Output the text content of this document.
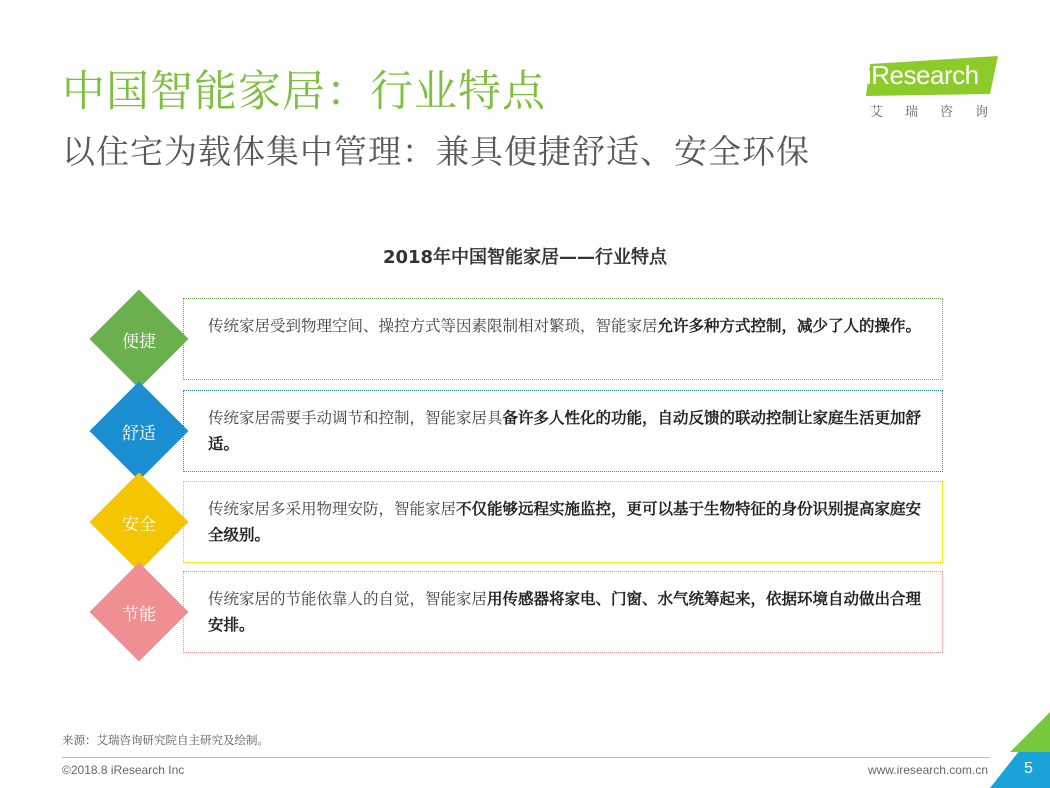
中国智能家居：行业特点
以住宅为载体集中管理：兼具便捷舒适、安全环保
iResearch
艾瑞咨询
2018年中国智能家居——行业特点
传统家居受到物理空间、操控方式等因素限制相对繁琐，智能家居允许多种方式控制，减少了人的操作。
便捷
传统家居需要手动调节和控制，智能家居具备许多人性化的功能，自动反馈的联动控制让家庭生活更加舒适。
舒适
传统家居多采用物理安防，智能家居不仅能够远程实施监控，更可以基于生物特征的身份识别提高家庭安全级别。
安全
传统家居的节能依靠人的自觉，智能家居用传感器将家电、门窗、水气统筹起来，依据环境自动做出合理安排。
节能
来源：艾瑞咨询研究院自主研究及绘制。
©2018.8 iResearch Inc	www.iresearch.com.cn 5
